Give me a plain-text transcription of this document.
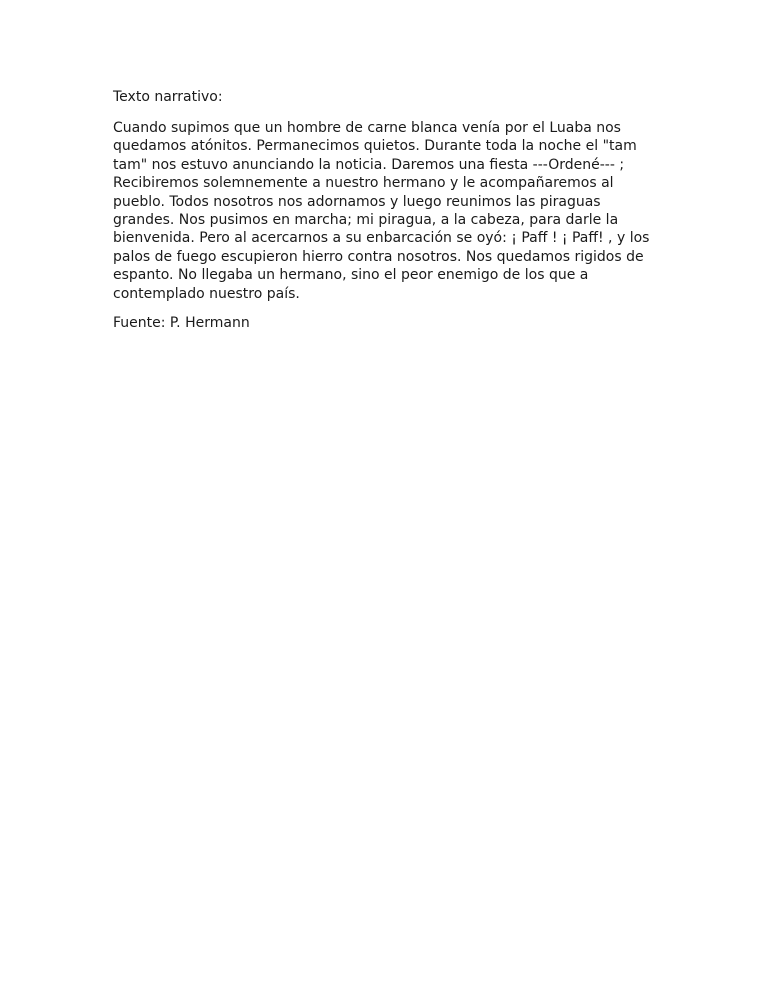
Texto narrativo:

Cuando supimos que un hombre de carne blanca venía por el Luaba nos
quedamos atónitos. Permanecimos quietos. Durante toda la noche el "tam
tam" nos estuvo anunciando la noticia. Daremos una fiesta ---Ordené--- ;
Recibiremos solemnemente a nuestro hermano y le acompañaremos al
pueblo. Todos nosotros nos adornamos y luego reunimos las piraguas
grandes. Nos pusimos en marcha; mi piragua, a la cabeza, para darle la
bienvenida. Pero al acercarnos a su enbarcación se oyó: ¡ Paff ! ¡ Paff! , y los
palos de fuego escupieron hierro contra nosotros. Nos quedamos rigidos de
espanto. No llegaba un hermano, sino el peor enemigo de los que a
contemplado nuestro país.

Fuente: P. Hermann
